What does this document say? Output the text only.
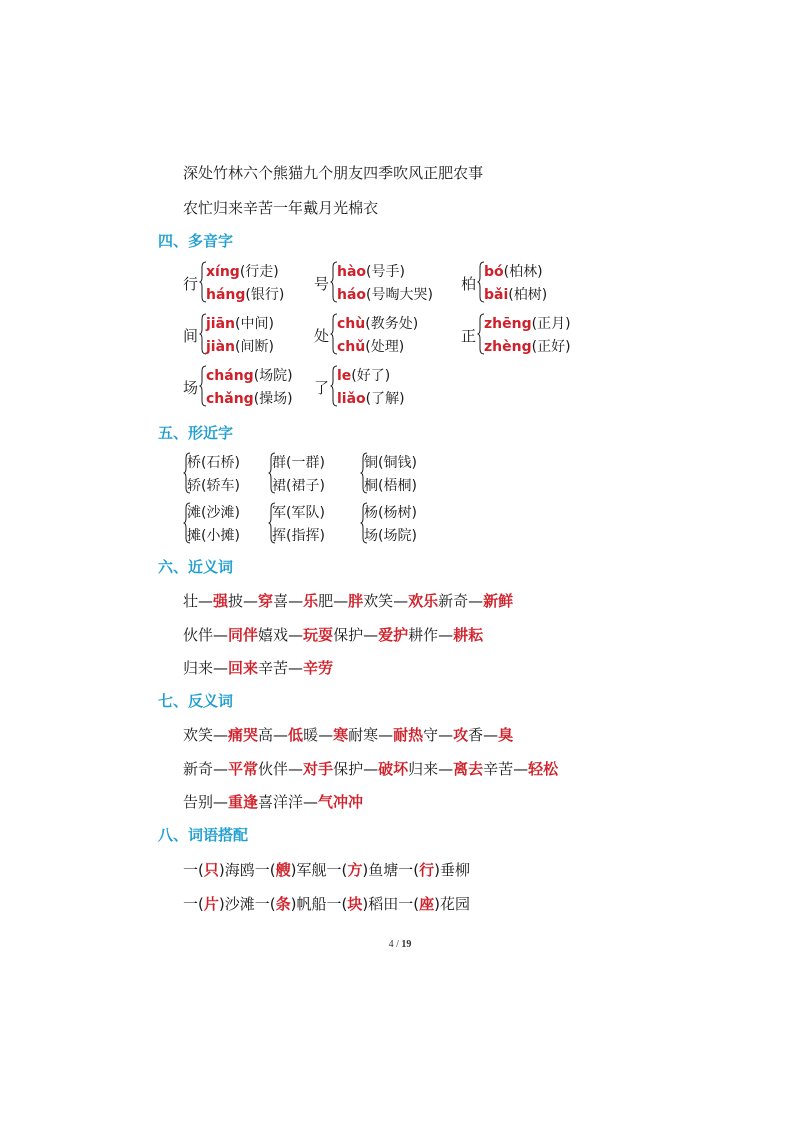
深处竹林六个熊猫九个朋友四季吹风正肥农事
农忙归来辛苦一年戴月光棉衣
四、多音字
行
xíng(行走)
háng(银行)
号
hào(号手)
háo(号啕大哭)
柏
bó(柏林)
bǎi(柏树)
间
jiān(中间)
jiàn(间断)
处
chù(教务处)
chǔ(处理)
正
zhēng(正月)
zhèng(正好)
场
cháng(场院)
chǎng(操场)
了
le(好了)
liǎo(了解)
五、形近字
桥(石桥)
轿(轿车)
群(一群)
裙(裙子)
铜(铜钱)
桐(梧桐)
滩(沙滩)
摊(小摊)
军(军队)
挥(指挥)
杨(杨树)
场(场院)
六、近义词
壮—强披—穿喜—乐肥—胖欢笑—欢乐新奇—新鲜
伙伴—同伴嬉戏—玩耍保护—爱护耕作—耕耘
归来—回来辛苦—辛劳
七、反义词
欢笑—痛哭高—低暖—寒耐寒—耐热守—攻香—臭
新奇—平常伙伴—对手保护—破坏归来—离去辛苦—轻松
告别—重逢喜洋洋—气冲冲
八、词语搭配
一(只)海鸥一(艘)军舰一(方)鱼塘一(行)垂柳
一(片)沙滩一(条)帆船一(块)稻田一(座)花园
4 / 19
